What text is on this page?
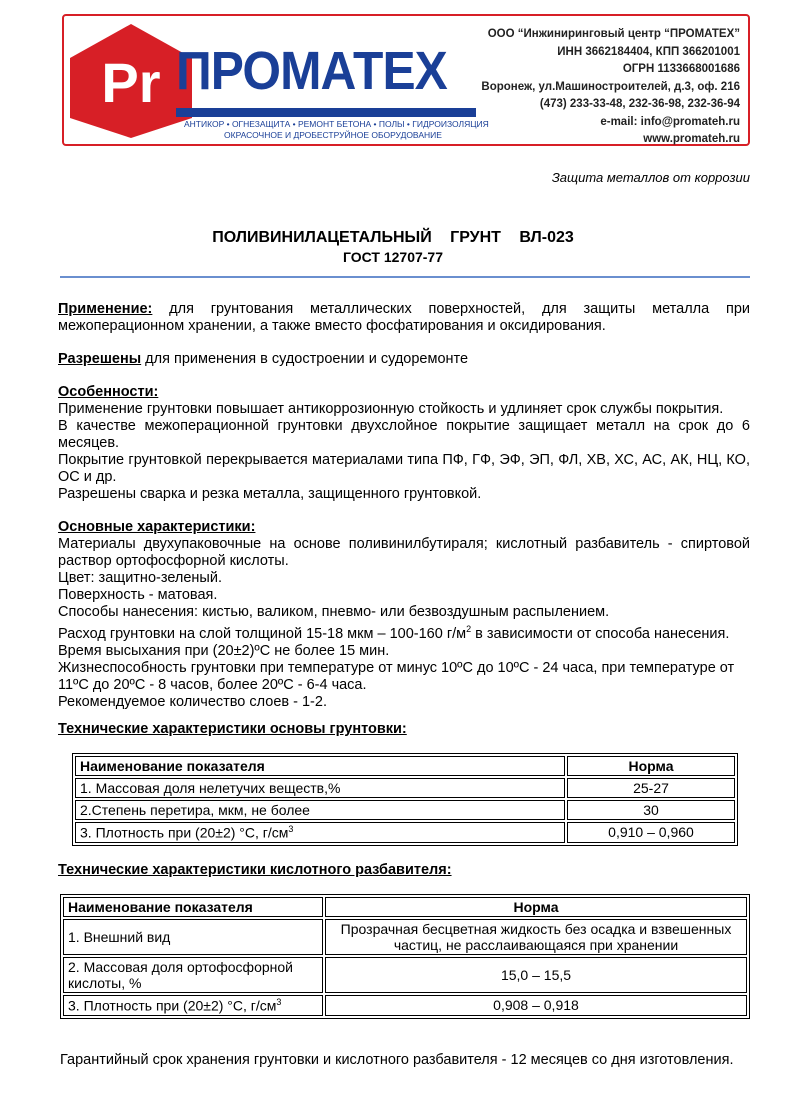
Pr ПРОМАТЕХ
АНТИКОР • ОГНЕЗАЩИТА • РЕМОНТ БЕТОНА • ПОЛЫ • ГИДРОИЗОЛЯЦИЯ
ОКРАСОЧНОЕ И ДРОБЕСТРУЙНОЕ ОБОРУДОВАНИЕ
ООО “Инжиниринговый центр “ПРОМАТЕХ”
ИНН 3662184404, КПП 366201001
ОГРН 1133668001686
Воронеж, ул.Машиностроителей, д.3, оф. 216
(473) 233-33-48, 232-36-98, 232-36-94
e-mail: info@promateh.ru
www.promateh.ru
Защита металлов от коррозии
ПОЛИВИНИЛАЦЕТАЛЬНЫЙ ГРУНТ ВЛ-023
ГОСТ 12707-77
Применение: для грунтования металлических поверхностей, для защиты металла при межоперационном хранении, а также вместо фосфатирования и оксидирования.
Разрешены для применения в судостроении и судоремонте
Особенности:
Применение грунтовки повышает антикоррозионную стойкость и удлиняет срок службы покрытия.
В качестве межоперационной грунтовки двухслойное покрытие защищает металл на срок до 6 месяцев.
Покрытие грунтовкой перекрывается материалами типа ПФ, ГФ, ЭФ, ЭП, ФЛ, ХВ, ХС, АС, АК, НЦ, КО, ОС и др.
Разрешены сварка и резка металла, защищенного грунтовкой.
Основные характеристики:
Материалы двухупаковочные на основе поливинилбутираля; кислотный разбавитель - спиртовой раствор ортофосфорной кислоты.
Цвет: защитно-зеленый.
Поверхность - матовая.
Способы нанесения: кистью, валиком, пневмо- или безвоздушным распылением.
Расход грунтовки на слой толщиной 15-18 мкм – 100-160 $г/м^2$ в зависимости от способа нанесения.
Время высыхания при (20±2)ºС не более 15 мин.
Жизнеспособность грунтовки при температуре от минус 10ºС до 10ºС - 24 часа, при температуре от 11ºС до 20ºС - 8 часов, более 20ºС - 6-4 часа.
Рекомендуемое количество слоев - 1-2.
Технические характеристики основы грунтовки:
Наименование показателя	Норма
1. Массовая доля нелетучих веществ,%	25-27
2.Степень перетира, мкм, не более	30
3. Плотность при (20±2) °С, $г/см^3$	0,910 – 0,960
Технические характеристики кислотного разбавителя:
Наименование показателя	Норма
1. Внешний вид	Прозрачная бесцветная жидкость без осадка и взвешенных частиц, не расслаивающаяся при хранении
2. Массовая доля ортофосфорной кислоты, %	15,0 – 15,5
3. Плотность при (20±2) °С, $г/см^3$	0,908 – 0,918
Гарантийный срок хранения грунтовки и кислотного разбавителя - 12 месяцев со дня изготовления.
